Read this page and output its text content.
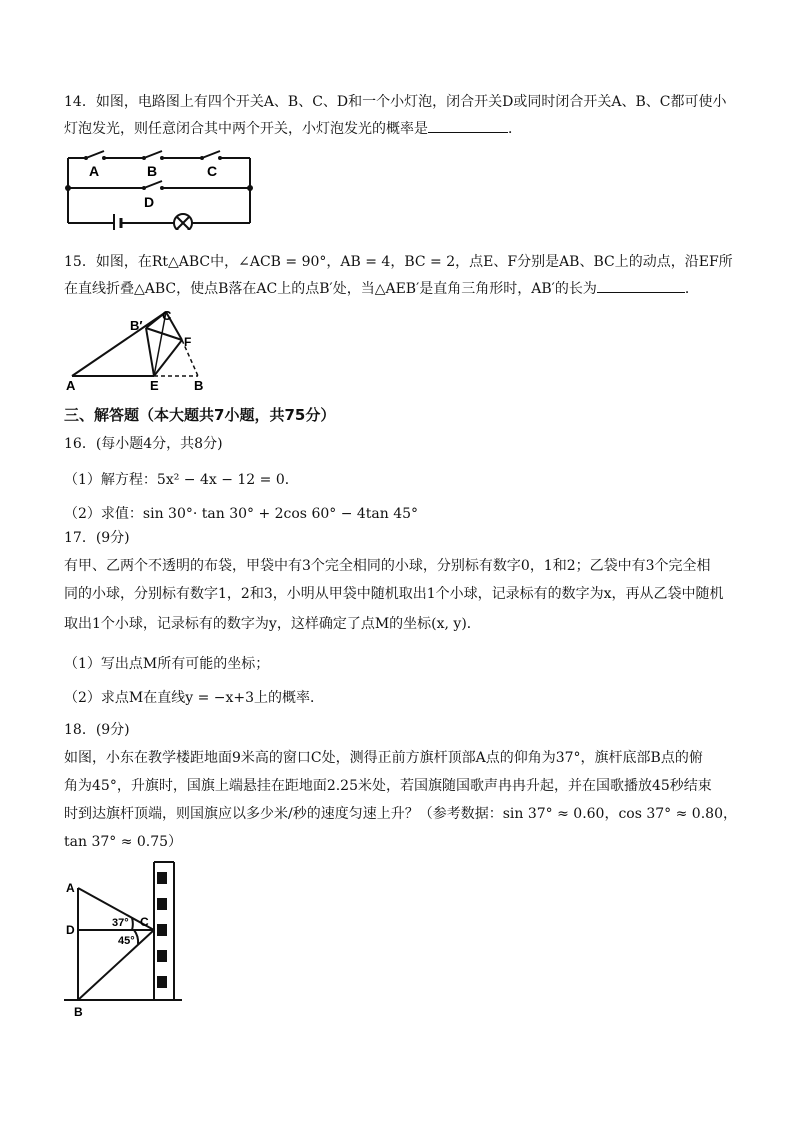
14．如图，电路图上有四个开关A、B、C、D和一个小灯泡，闭合开关D或同时闭合开关A、B、C都可使小
灯泡发光，则任意闭合其中两个开关，小灯泡发光的概率是	．
A	B	C
D
15．如图，在Rt△ABC中，∠ACB = 90°，AB = 4，BC = 2，点E、F分别是AB、BC上的动点，沿EF所
在直线折叠△ABC，使点B落在AC上的点B′处，当△AEB′是直角三角形时，AB′的长为	．
B′
C
F
A	E	B
三、解答题（本大题共7小题，共75分）
16．(每小题4分，共8分)
（1）解方程：5x² − 4x − 12 = 0．
（2）求值：sin 30°· tan 30° + 2cos 60° − 4tan 45°
17．(9分)
有甲、乙两个不透明的布袋，甲袋中有3个完全相同的小球，分别标有数字0，1和2；乙袋中有3个完全相
同的小球，分别标有数字1，2和3，小明从甲袋中随机取出1个小球，记录标有的数字为x，再从乙袋中随机
取出1个小球，记录标有的数字为y，这样确定了点M的坐标(x, y)．
（1）写出点M所有可能的坐标；
（2）求点M在直线y = −x+3上的概率．
18．(9分)
如图，小东在教学楼距地面9米高的窗口C处，测得正前方旗杆顶部A点的仰角为37°，旗杆底部B点的俯
角为45°，升旗时，国旗上端悬挂在距地面2.25米处，若国旗随国歌声冉冉升起，并在国歌播放45秒结束
时到达旗杆顶端，则国旗应以多少米/秒的速度匀速上升？（参考数据：sin 37° ≈ 0.60，cos 37° ≈ 0.80，
tan 37° ≈ 0.75）
A
D
C
B
37°
45°
